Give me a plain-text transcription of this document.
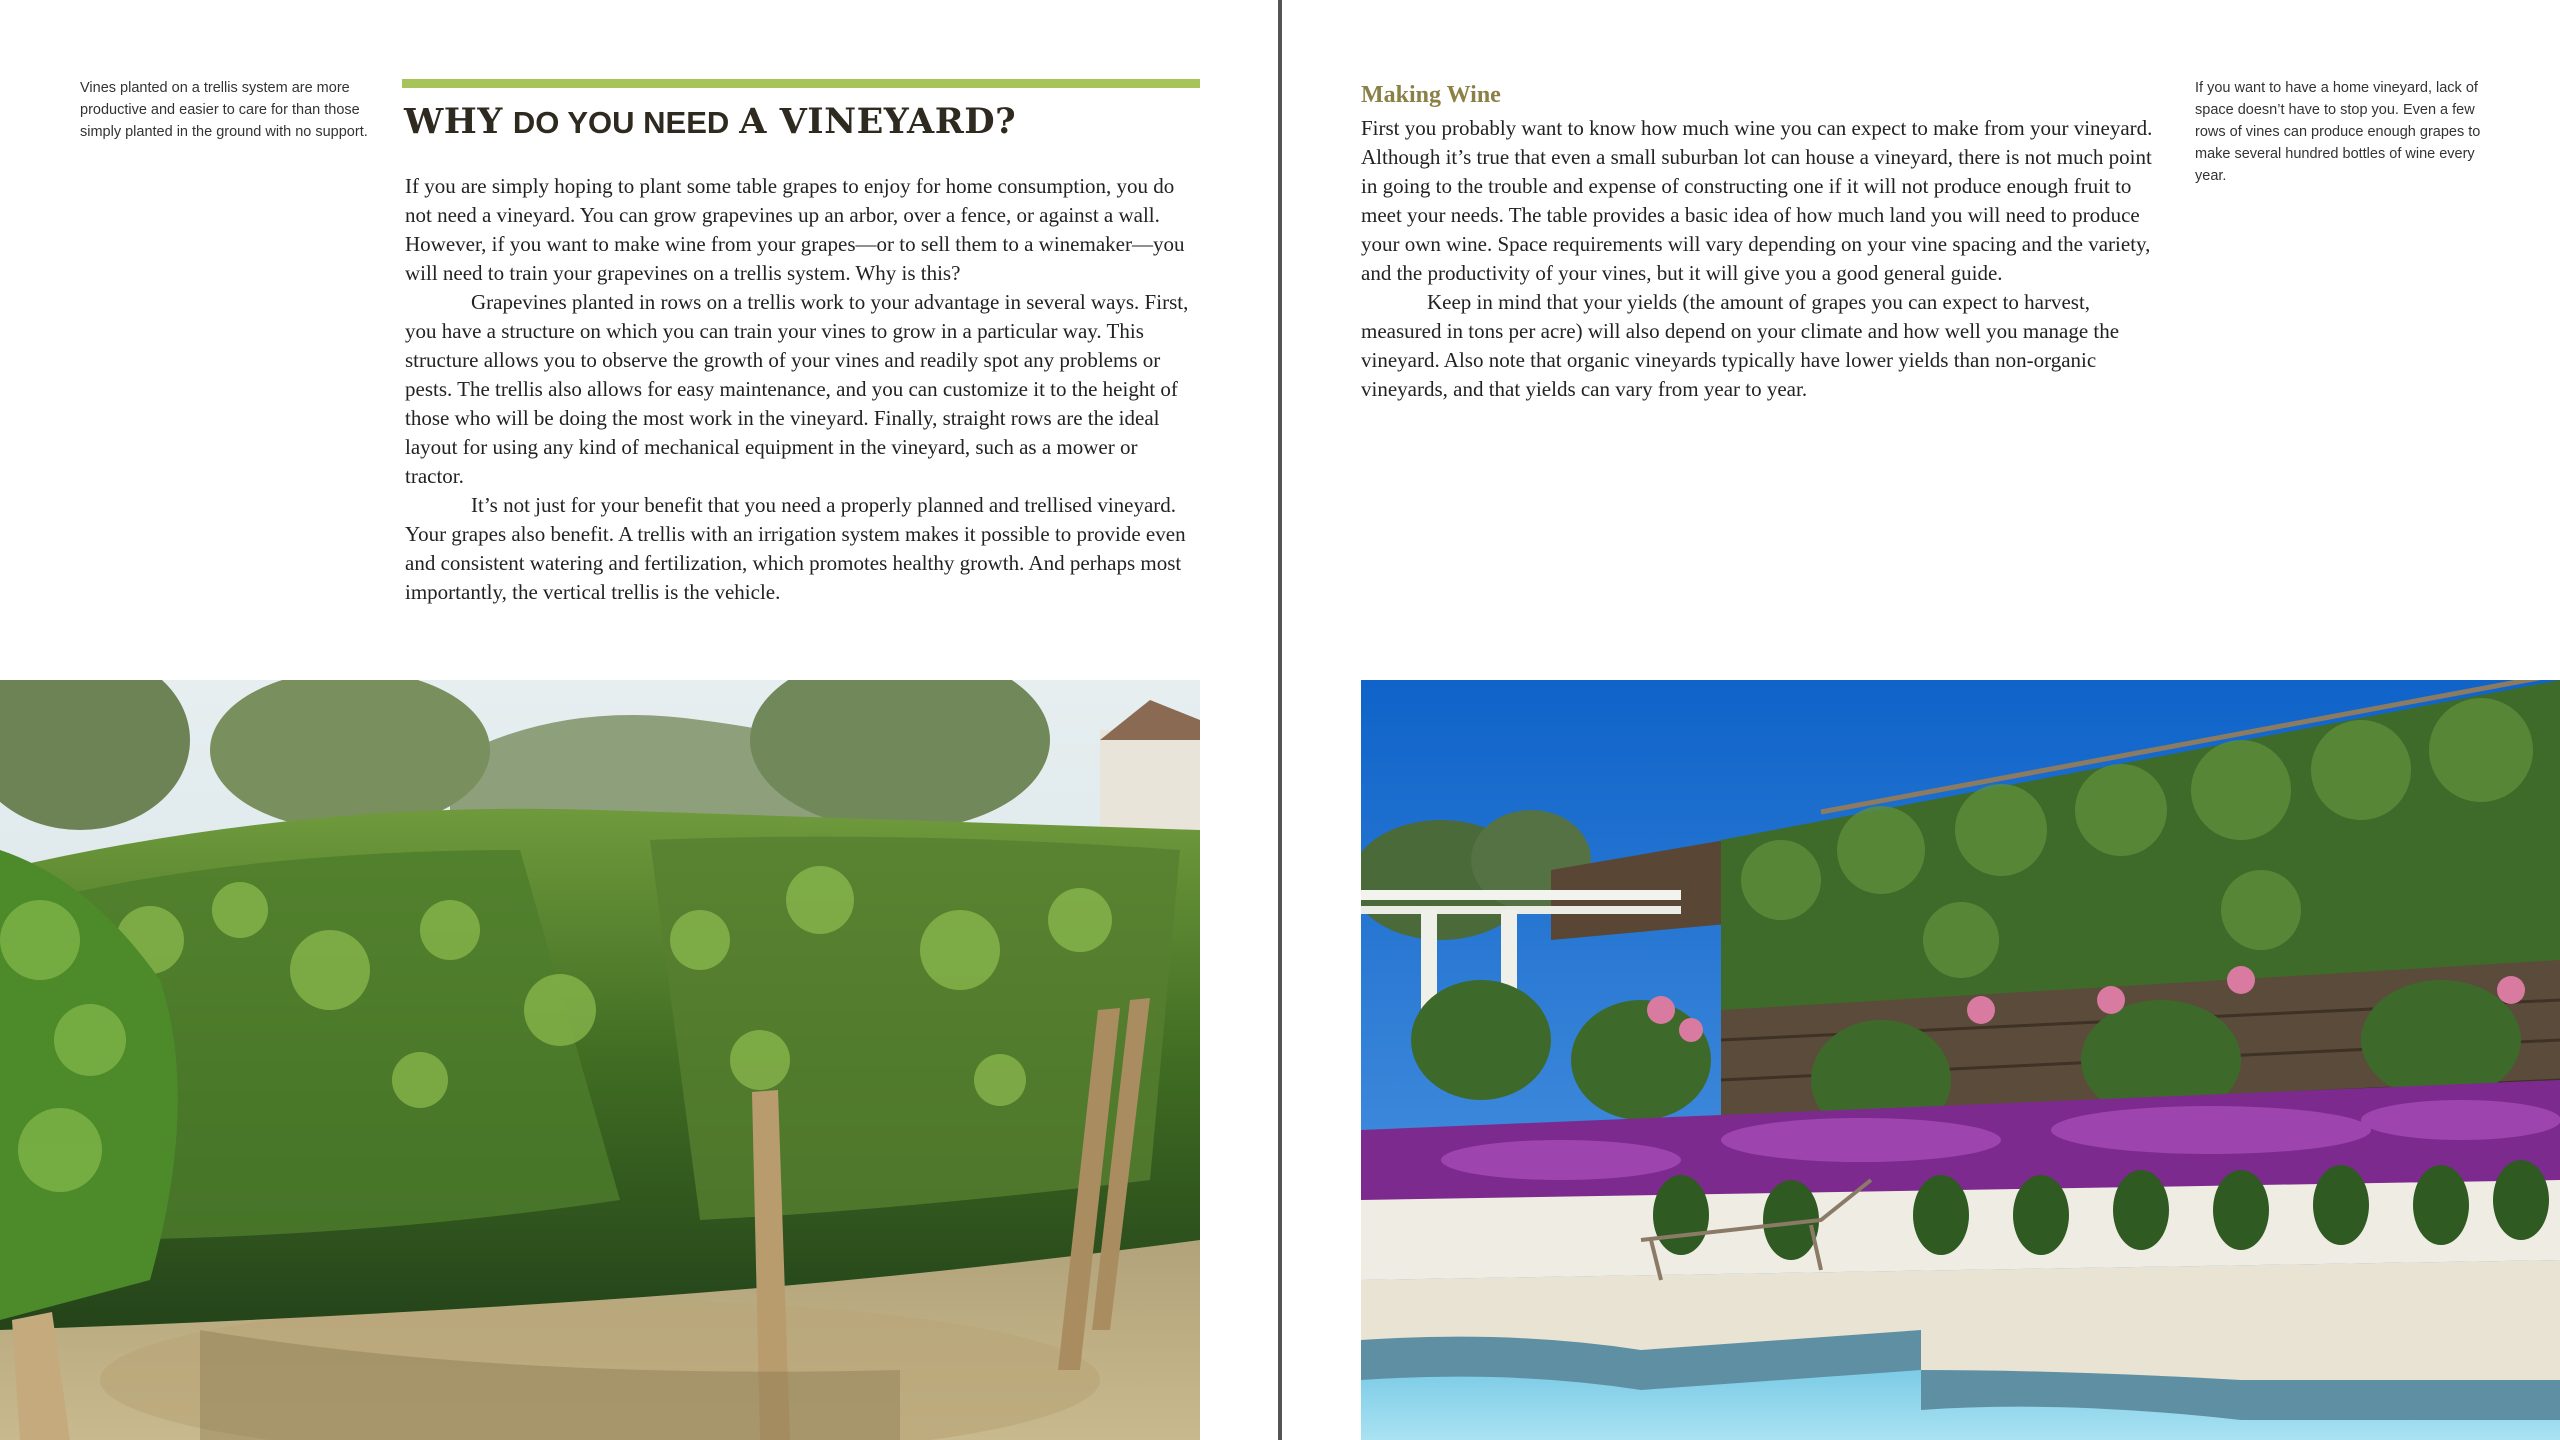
Vines planted on a trellis system are more productive and easier to care for than those simply planted in the ground with no support.	WHY DO YOU NEED A VINEYARD?

If you are simply hoping to plant some table grapes to enjoy for home consumption, you do not need a vineyard. You can grow grapevines up an arbor, over a fence, or against a wall. However, if you want to make wine from your grapes—or to sell them to a winemaker—you will need to train your grapevines on a trellis system. Why is this?

Grapevines planted in rows on a trellis work to your advantage in several ways. First, you have a structure on which you can train your vines to grow in a particular way. This structure allows you to observe the growth of your vines and readily spot any problems or pests. The trellis also allows for easy maintenance, and you can customize it to the height of those who will be doing the most work in the vineyard. Finally, straight rows are the ideal layout for using any kind of mechanical equipment in the vineyard, such as a mower or tractor.

It’s not just for your benefit that you need a properly planned and trellised vineyard. Your grapes also benefit. A trellis with an irrigation system makes it possible to provide even and consistent watering and fertilization, which promotes healthy growth. And perhaps most importantly, the vertical trellis is the vehicle.

Making Wine

First you probably want to know how much wine you can expect to make from your vineyard. Although it’s true that even a small suburban lot can house a vineyard, there is not much point in going to the trouble and expense of constructing one if it will not produce enough fruit to meet your needs. The table provides a basic idea of how much land you will need to produce your own wine. Space requirements will vary depending on your vine spacing and the variety, and the productivity of your vines, but it will give you a good general guide.

Keep in mind that your yields (the amount of grapes you can expect to harvest, measured in tons per acre) will also depend on your climate and how well you manage the vineyard. Also note that organic vineyards typically have lower yields than non-organic vineyards, and that yields can vary from year to year.

If you want to have a home vineyard, lack of space doesn’t have to stop you. Even a few rows of vines can produce enough grapes to make several hundred bottles of wine every year.
